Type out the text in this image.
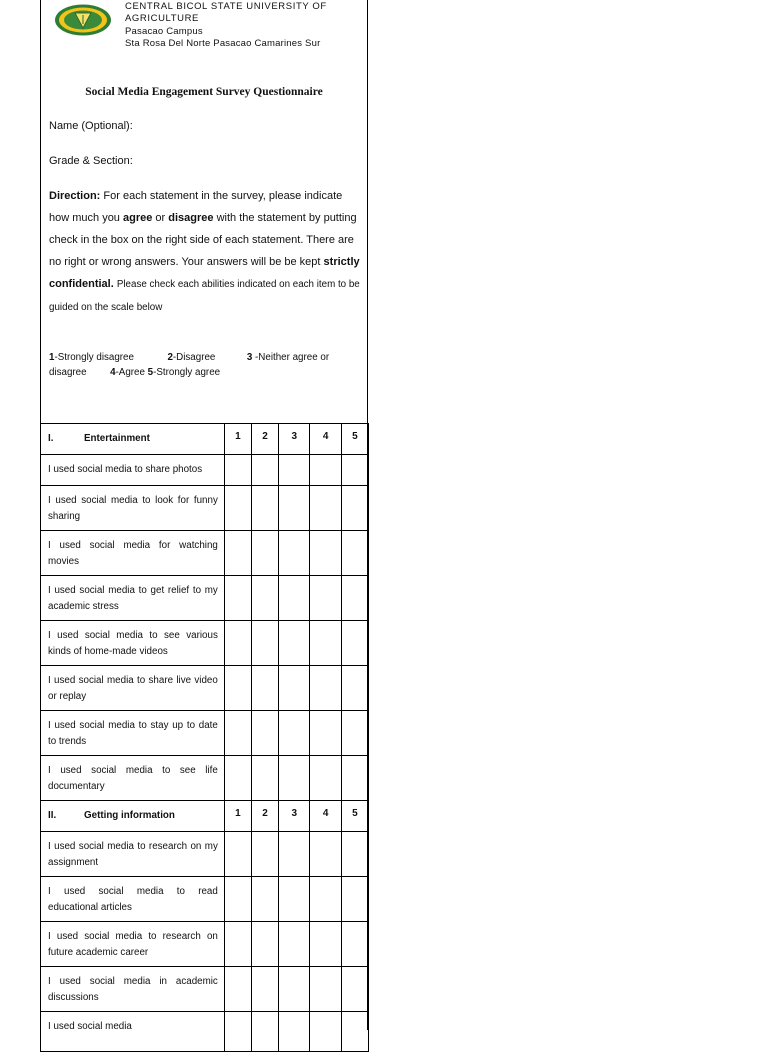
CENTRAL BICOL STATE UNIVERSITY OF
AGRICULTURE
Pasacao Campus
Sta Rosa Del Norte Pasacao Camarines Sur
Social Media Engagement Survey Questionnaire
Name (Optional):
Grade & Section:
Direction: For each statement in the survey, please indicate how much you agree or disagree with the statement by putting check in the box on the right side of each statement. There are no right or wrong answers. Your answers will be be kept strictly confidential. Please check each abilities indicated on each item to be guided on the scale below
1-Strongly disagree	2-Disagree	3 -Neither agree or disagree 4-Agree 5-Strongly agree
I. Entertainment	1	2	3	4	5
I used social media to share photos					
I used social media to look for funny sharing					
I used social media for watching movies					
I used social media to get relief to my academic stress					
I used social media to see various kinds of home-made videos					
I used social media to share live video or replay					
I used social media to stay up to date to trends					
I used social media to see life documentary					
II. Getting information	1	2	3	4	5
I used social media to research on my assignment					
I used social media to read educational articles					
I used social media to research on future academic career					
I used social media in academic discussions					
I used social media					
